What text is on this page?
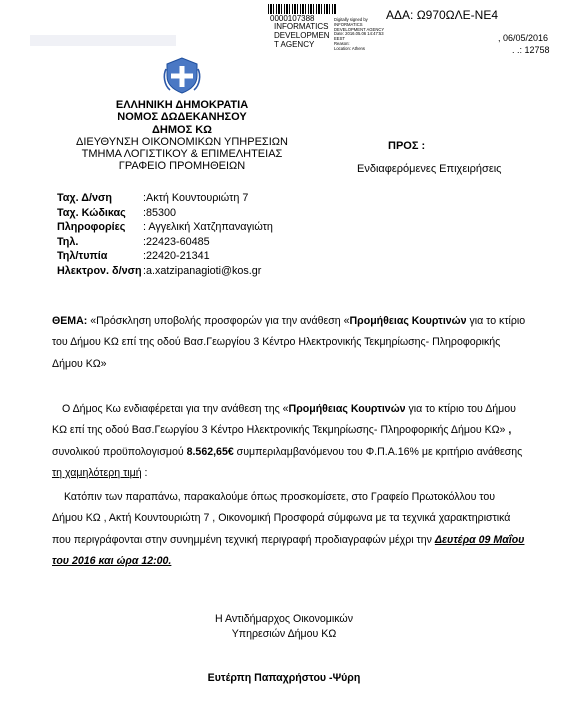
0000107388
INFORMATICS
DEVELOPMEN
T AGENCY
Digitally signed by
INFORMATICS
DEVELOPMENT AGENCY
Date: 2016.05.06 14:47:53
EEST
Reason:
Location: Athens
ΑΔΑ: Ω970ΩΛΕ-ΝΕ4
, 06/05/2016
. .: 12758
ΕΛΛΗΝΙΚΗ ΔΗΜΟΚΡΑΤΙΑ
ΝΟΜΟΣ ΔΩΔΕΚΑΝΗΣΟΥ
ΔΗΜΟΣ ΚΩ
ΔΙΕΥΘΥΝΣΗ ΟΙΚΟΝΟΜΙΚΩΝ ΥΠΗΡΕΣΙΩΝ
ΤΜΗΜΑ ΛΟΓΙΣΤΙΚΟΥ & ΕΠΙΜΕΛΗΤΕΙΑΣ
ΓΡΑΦΕΙΟ ΠΡΟΜΗΘΕΙΩΝ
ΠΡΟΣ :
Ενδιαφερόμενες Επιχειρήσεις
Ταχ. Δ/νση	:Ακτή Κουντουριώτη 7
Ταχ. Κώδικας	:85300
Πληροφορίες	: Αγγελική Χατζηπαναγιώτη
Τηλ.	:22423-60485
Τηλ/τυπία	:22420-21341
Ηλεκτρον. δ/νση	:a.xatzipanagioti@kos.gr
ΘΕΜΑ: «Πρόσκληση υποβολής προσφορών για την ανάθεση «Προμήθειας Κουρτινών για το κτίριο του Δήμου ΚΩ επί της οδού Βασ.Γεωργίου 3 Κέντρο Ηλεκτρονικής Τεκμηρίωσης- Πληροφορικής Δήμου ΚΩ»
Ο Δήμος Κω ενδιαφέρεται για την ανάθεση της «Προμήθειας Κουρτινών για το κτίριο του Δήμου ΚΩ επί της οδού Βασ.Γεωργίου 3 Κέντρο Ηλεκτρονικής Τεκμηρίωσης- Πληροφορικής Δήμου ΚΩ» , συνολικού προϋπολογισμού 8.562,65€ συμπεριλαμβανόμενου του Φ.Π.Α.16% με κριτήριο ανάθεσης τη χαμηλότερη τιμή :
Κατόπιν των παραπάνω, παρακαλούμε όπως προσκομίσετε, στο Γραφείο Πρωτοκόλλου του Δήμου ΚΩ , Ακτή Κουντουριώτη 7 , Οικονομική Προσφορά σύμφωνα με τα τεχνικά χαρακτηριστικά που περιγράφονται στην συνημμένη τεχνική περιγραφή προδιαγραφών μέχρι την Δευτέρα 09 Μαΐου του 2016 και ώρα 12:00.
Η Αντιδήμαρχος Οικονομικών
Υπηρεσιών Δήμου ΚΩ
Ευτέρπη Παπαχρήστου -Ψύρη
